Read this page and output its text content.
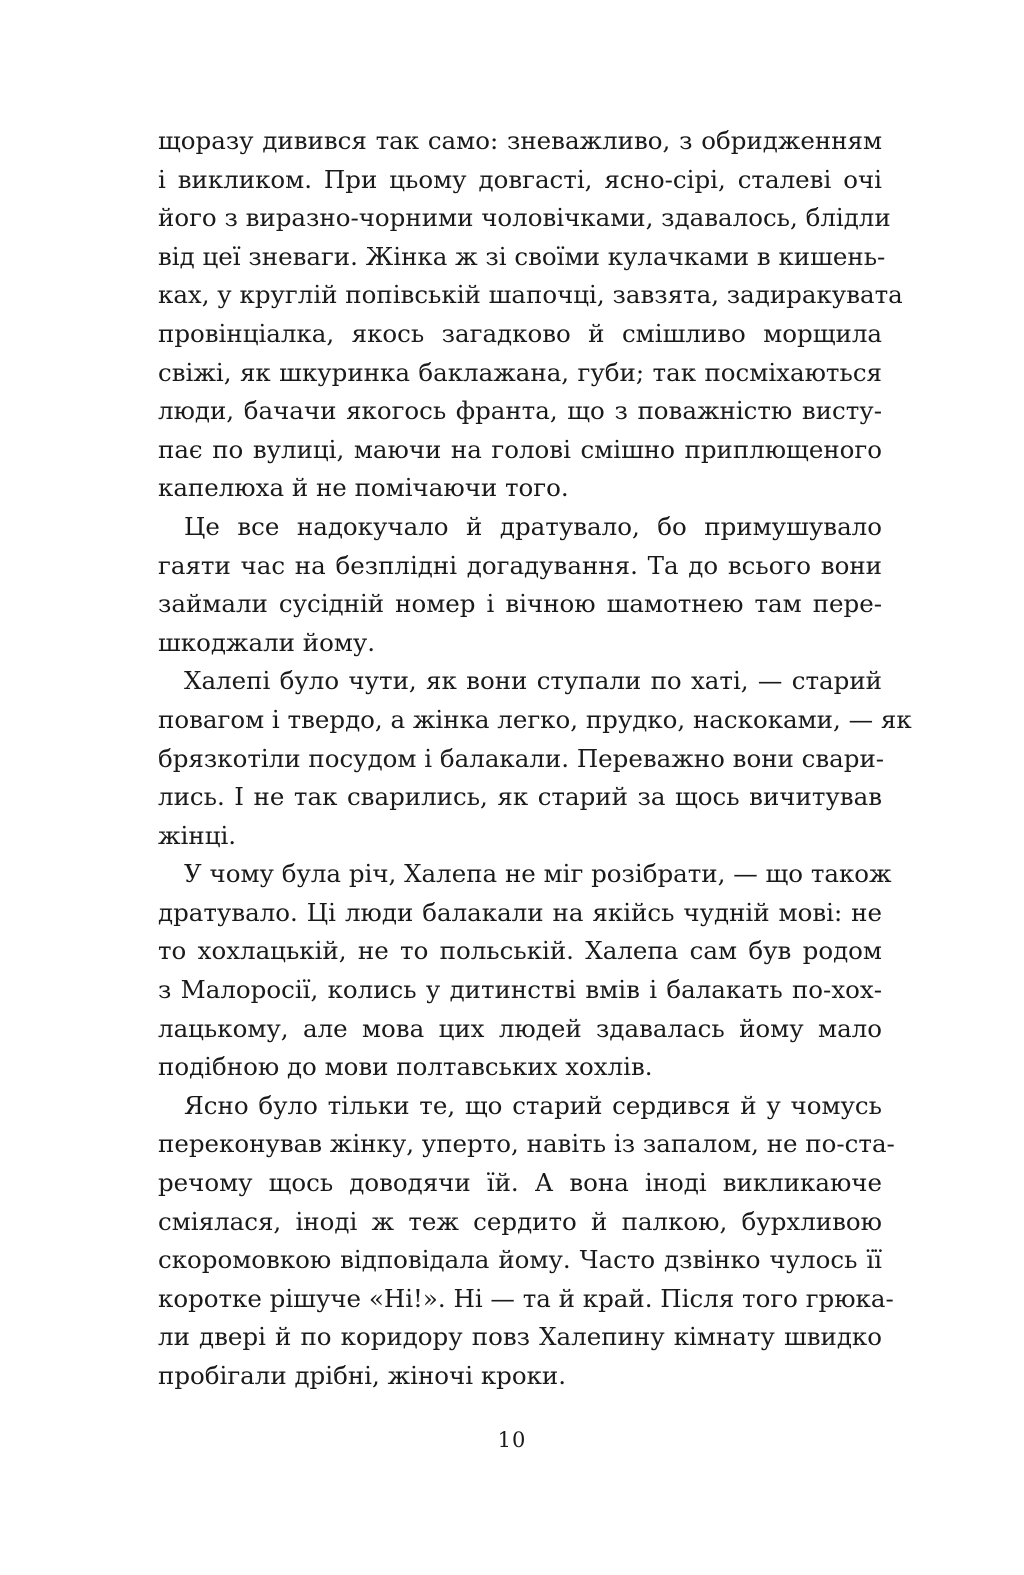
щоразу дивився так само: зневажливо, з обридженням
і викликом. При цьому довгасті, ясно-сірі, сталеві очі
його з виразно-чорними чоловічками, здавалось, блідли
від цеї зневаги. Жінка ж зі своїми кулачками в кишень-
ках, у круглій попівській шапочці, завзята, задиракувата
провінціалка, якось загадково й смішливо морщила
свіжі, як шкуринка баклажана, губи; так посміхаються
люди, бачачи якогось франта, що з поважністю висту-
пає по вулиці, маючи на голові смішно приплющеного
капелюха й не помічаючи того.
Це все надокучало й дратувало, бо примушувало
гаяти час на безплідні догадування. Та до всього вони
займали сусідній номер і вічною шамотнею там пере-
шкоджали йому.
Халепі було чути, як вони ступали по хаті, — старий
повагом і твердо, а жінка легко, прудко, наскоками, — як
брязкотіли посудом і балакали. Переважно вони свари-
лись. І не так сварились, як старий за щось вичитував
жінці.
У чому була річ, Халепа не міг розібрати, — що також
дратувало. Ці люди балакали на якійсь чудній мові: не
то хохлацькій, не то польській. Халепа сам був родом
з Малоросії, колись у дитинстві вмів і балакать по-хох-
лацькому, але мова цих людей здавалась йому мало
подібною до мови полтавських хохлів.
Ясно було тільки те, що старий сердився й у чомусь
переконував жінку, уперто, навіть із запалом, не по-ста-
речому щось доводячи їй. А вона іноді викликаюче
сміялася, іноді ж теж сердито й палкою, бурхливою
скоромовкою відповідала йому. Часто дзвінко чулось її
коротке рішуче «Ні!». Ні — та й край. Після того грюка-
ли двері й по коридору повз Халепину кімнату швидко
пробігали дрібні, жіночі кроки.
10
